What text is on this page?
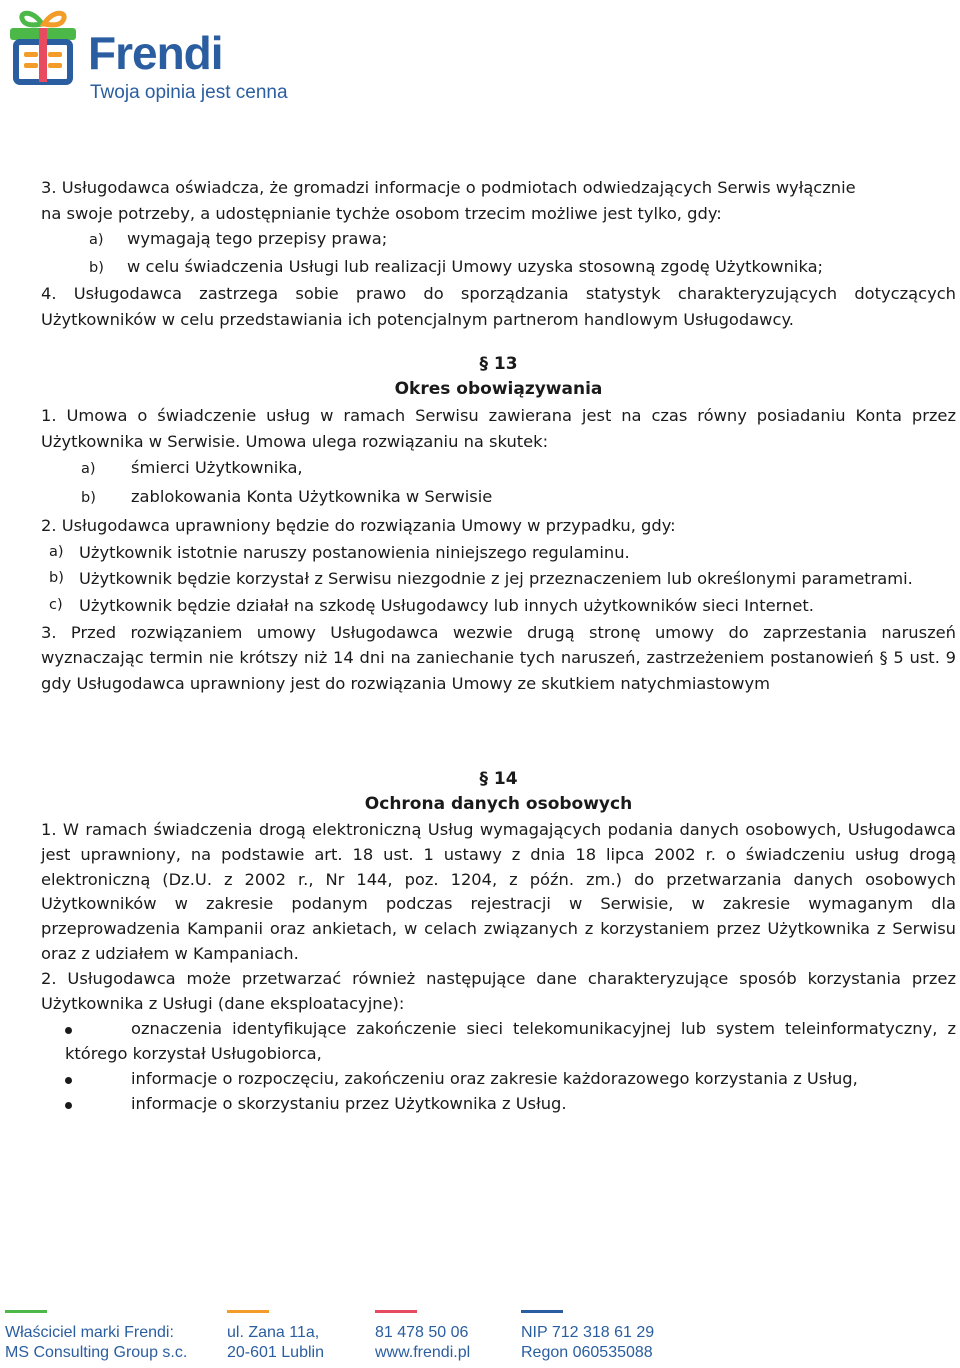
Frendi
Twoja opinia jest cenna

3. Usługodawca oświadcza, że gromadzi informacje o podmiotach odwiedzających Serwis wyłącznie

na swoje potrzeby, a udostępnianie tychże osobom trzecim możliwe jest tylko, gdy:

a) wymagają tego przepisy prawa;

b) w celu świadczenia Usługi lub realizacji Umowy uzyska stosowną zgodę Użytkownika;

4. Usługodawca zastrzega sobie prawo do sporządzania statystyk charakteryzujących dotyczących Użytkowników w celu przedstawiania ich potencjalnym partnerom handlowym Usługodawcy.

§ 13

Okres obowiązywania

1. Umowa o świadczenie usług w ramach Serwisu zawierana jest na czas równy posiadaniu Konta przez Użytkownika w Serwisie. Umowa ulega rozwiązaniu na skutek:

a) śmierci Użytkownika,

b) zablokowania Konta Użytkownika w Serwisie

2. Usługodawca uprawniony będzie do rozwiązania Umowy w przypadku, gdy:

a) Użytkownik istotnie naruszy postanowienia niniejszego regulaminu.
b) Użytkownik będzie korzystał z Serwisu niezgodnie z jej przeznaczeniem lub określonymi parametrami.
c) Użytkownik będzie działał na szkodę Usługodawcy lub innych użytkowników sieci Internet.

3. Przed rozwiązaniem umowy Usługodawca wezwie drugą stronę umowy do zaprzestania naruszeń wyznaczając termin nie krótszy niż 14 dni na zaniechanie tych naruszeń, zastrzeżeniem postanowień § 5 ust. 9 gdy Usługodawca uprawniony jest do rozwiązania Umowy ze skutkiem natychmiastowym

§ 14

Ochrona danych osobowych

1. W ramach świadczenia drogą elektroniczną Usług wymagających podania danych osobowych, Usługodawca jest uprawniony, na podstawie art. 18 ust. 1 ustawy z dnia 18 lipca 2002 r. o świadczeniu usług drogą elektroniczną (Dz.U. z 2002 r., Nr 144, poz. 1204, z późn. zm.) do przetwarzania danych osobowych Użytkowników w zakresie podanym podczas rejestracji w Serwisie, w zakresie wymaganym dla przeprowadzenia Kampanii oraz ankietach, w celach związanych z korzystaniem przez Użytkownika z Serwisu oraz z udziałem w Kampaniach.

2. Usługodawca może przetwarzać również następujące dane charakteryzujące sposób korzystania przez Użytkownika z Usługi (dane eksploatacyjne):

oznaczenia identyfikujące zakończenie sieci telekomunikacyjnej lub system teleinformatyczny, z którego korzystał Usługobiorca,
informacje o rozpoczęciu, zakończeniu oraz zakresie każdorazowego korzystania z Usług,
informacje o skorzystaniu przez Użytkownika z Usług.
Właściciel marki Frendi:
MS Consulting Group s.c.
ul. Zana 11a,
20-601 Lublin
81 478 50 06
www.frendi.pl
NIP 712 318 61 29
Regon 060535088
